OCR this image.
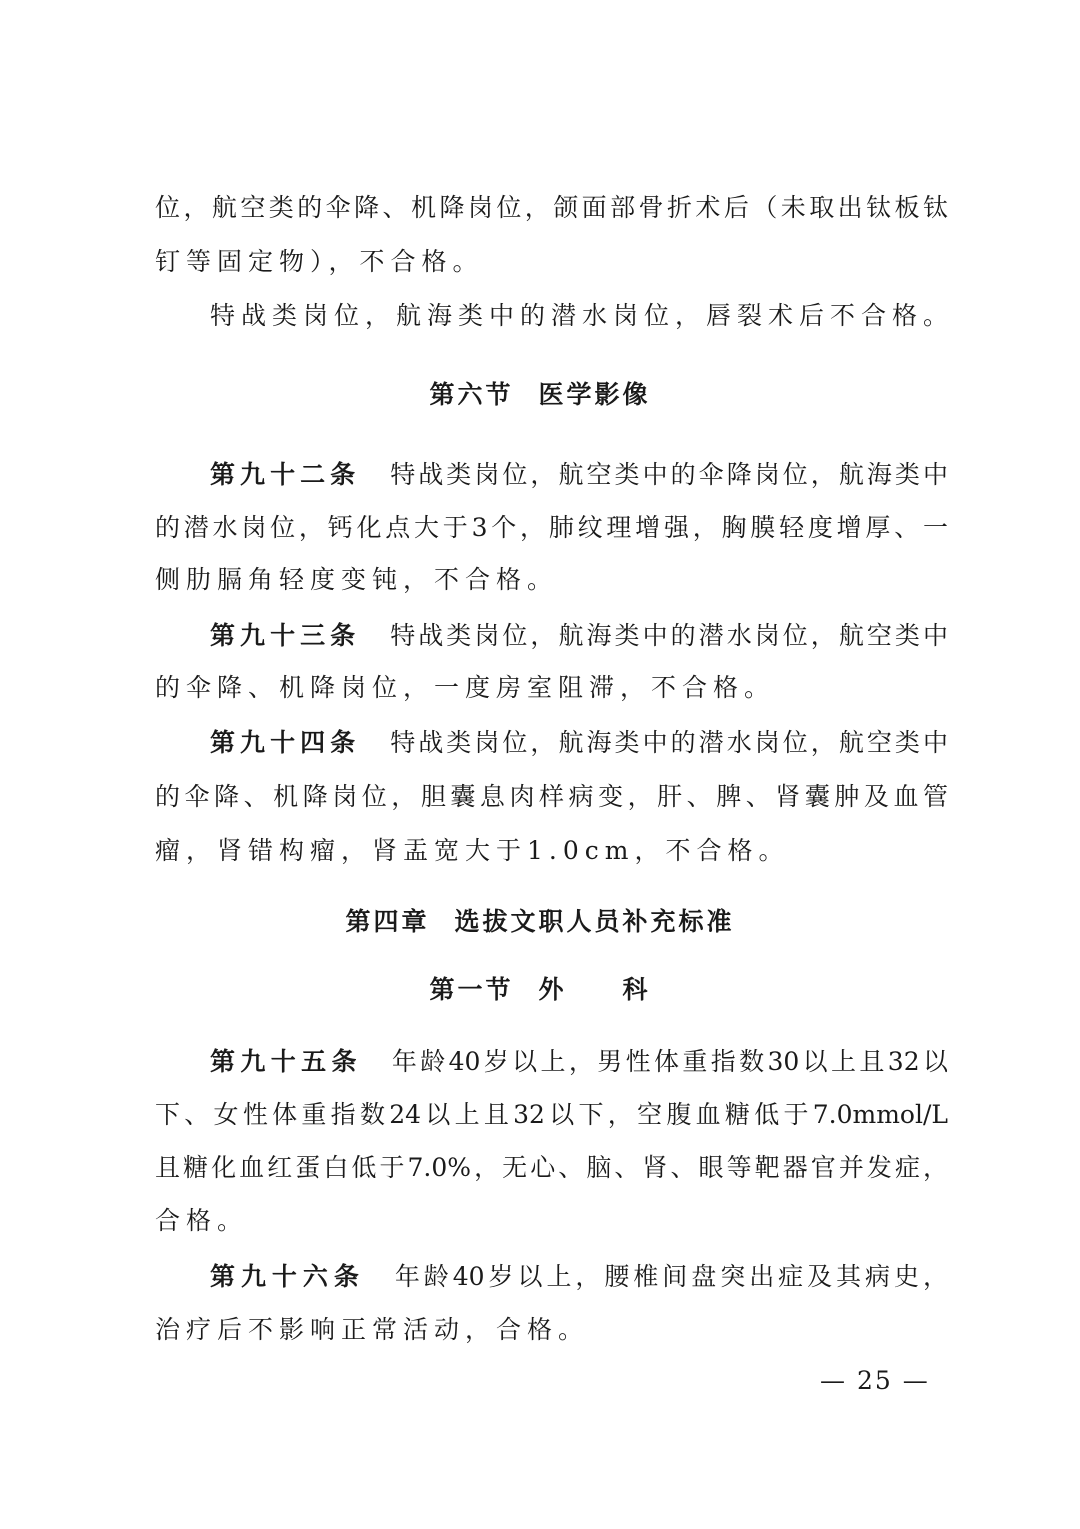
位，航空类的伞降、机降岗位，颌面部骨折术后（未取出钛板钛
钉等固定物），不合格。
特战类岗位，航海类中的潜水岗位，唇裂术后不合格。
第六节  医学影像
第九十二条 特战类岗位，航空类中的伞降岗位，航海类中
的潜水岗位，钙化点大于3个，肺纹理增强，胸膜轻度增厚、一
侧肋膈角轻度变钝，不合格。
第九十三条 特战类岗位，航海类中的潜水岗位，航空类中
的伞降、机降岗位，一度房室阻滞，不合格。
第九十四条 特战类岗位，航海类中的潜水岗位，航空类中
的伞降、机降岗位，胆囊息肉样病变，肝、脾、肾囊肿及血管
瘤，肾错构瘤，肾盂宽大于1.0cm，不合格。
第四章  选拔文职人员补充标准
第一节  外　　科
第九十五条 年龄40岁以上，男性体重指数30以上且32以
下、女性体重指数24以上且32以下，空腹血糖低于7.0mmol/L
且糖化血红蛋白低于7.0%，无心、脑、肾、眼等靶器官并发症，
合格。
第九十六条 年龄40岁以上，腰椎间盘突出症及其病史，
治疗后不影响正常活动，合格。
— 25 —
